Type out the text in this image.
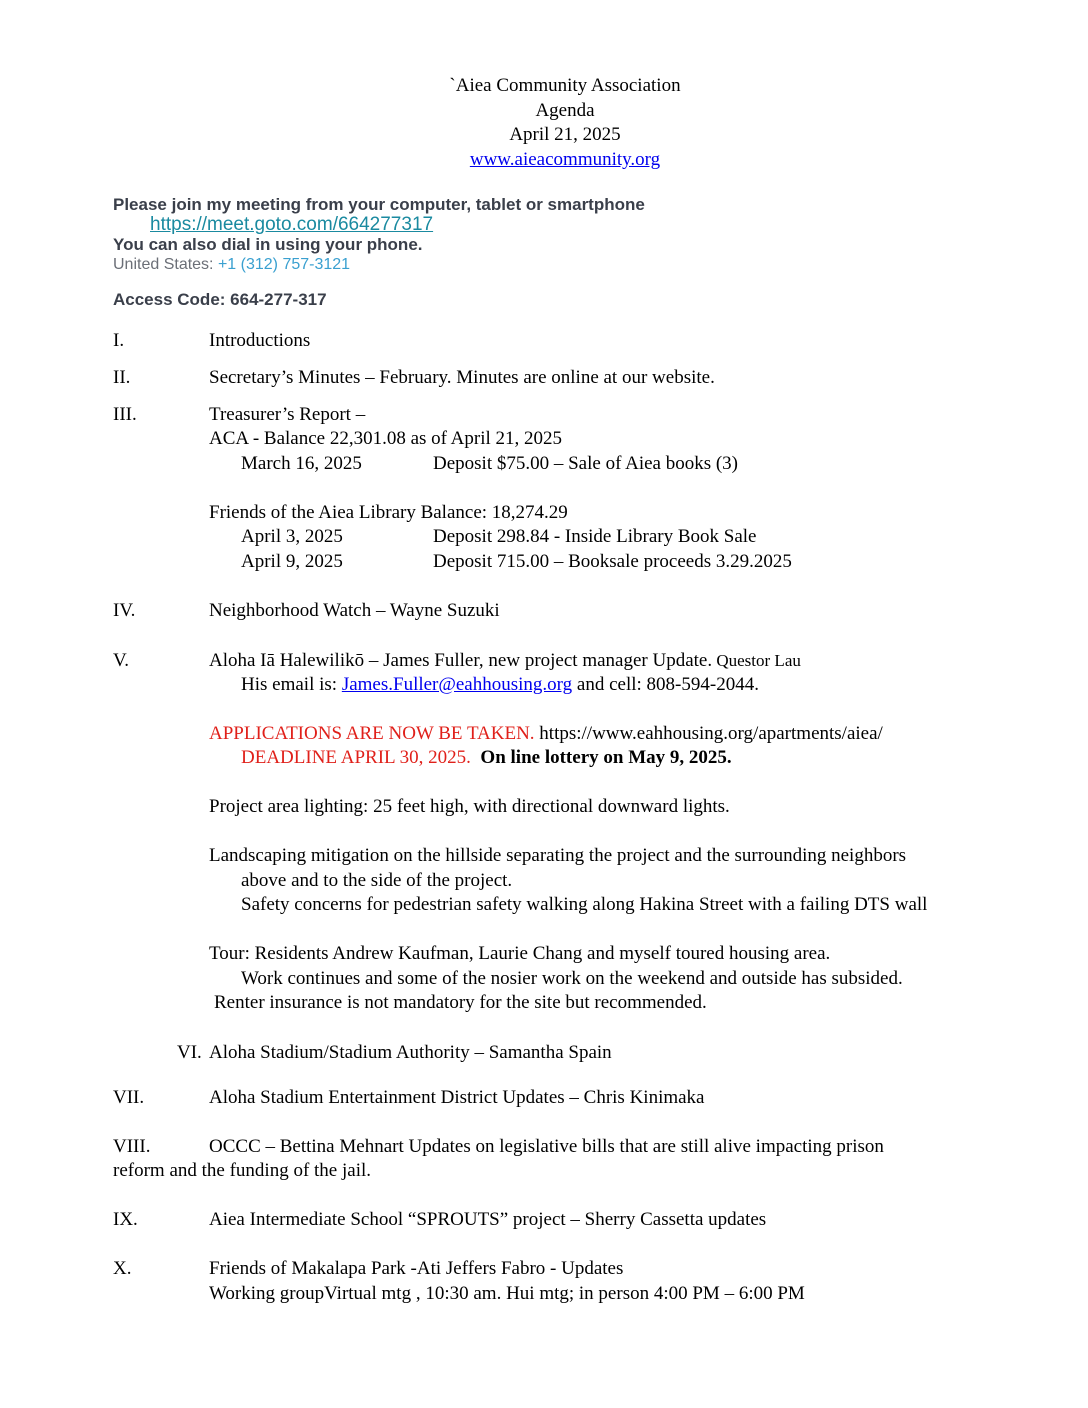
`Aiea Community Association
Agenda
April 21, 2025
www.aieacommunity.org
Please join my meeting from your computer, tablet or smartphone
https://meet.goto.com/664277317
You can also dial in using your phone.
United States: +1 (312) 757-3121
Access Code: 664-277-317
I.	Introductions
II.	Secretary’s Minutes – February. Minutes are online at our website.
III.	Treasurer’s Report –
ACA - Balance 22,301.08 as of April 21, 2025
March 16, 2025	Deposit $75.00 – Sale of Aiea books (3)
Friends of the Aiea Library Balance: 18,274.29
April 3, 2025	Deposit 298.84 - Inside Library Book Sale
April 9, 2025	Deposit 715.00 – Booksale proceeds 3.29.2025
IV.	Neighborhood Watch – Wayne Suzuki
V.	Aloha Iā Halewilikō – James Fuller, new project manager Update. Questor Lau
His email is: James.Fuller@eahhousing.org and cell: 808-594-2044.
APPLICATIONS ARE NOW BE TAKEN. https://www.eahhousing.org/apartments/aiea/
DEADLINE APRIL 30, 2025. On line lottery on May 9, 2025.
Project area lighting: 25 feet high, with directional downward lights.
Landscaping mitigation on the hillside separating the project and the surrounding neighbors
above and to the side of the project.
Safety concerns for pedestrian safety walking along Hakina Street with a failing DTS wall
Tour: Residents Andrew Kaufman, Laurie Chang and myself toured housing area.
Work continues and some of the nosier work on the weekend and outside has subsided.
Renter insurance is not mandatory for the site but recommended.
VI. Aloha Stadium/Stadium Authority – Samantha Spain
VII.	Aloha Stadium Entertainment District Updates – Chris Kinimaka
VIII.	OCCC – Bettina Mehnart Updates on legislative bills that are still alive impacting prison
reform and the funding of the jail.
IX.	Aiea Intermediate School “SPROUTS” project – Sherry Cassetta updates
X.	Friends of Makalapa Park -Ati Jeffers Fabro - Updates
Working groupVirtual mtg , 10:30 am. Hui mtg; in person 4:00 PM – 6:00 PM
